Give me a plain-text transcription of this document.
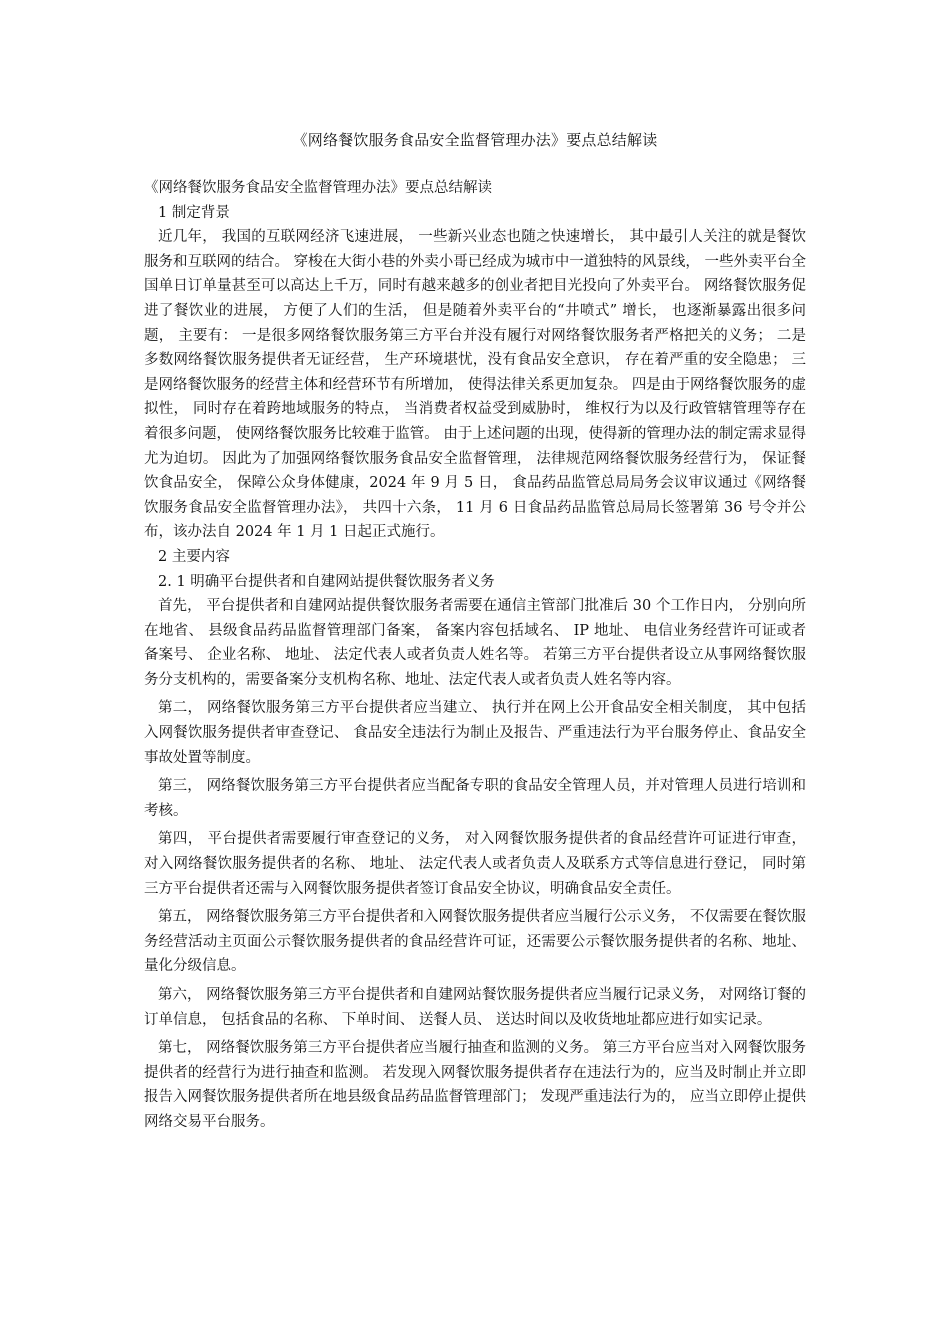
《网络餐饮服务食品安全监督管理办法》要点总结解读

《网络餐饮服务食品安全监督管理办法》要点总结解读

1 制定背景

近几年， 我国的互联网经济飞速进展， 一些新兴业态也随之快速增长， 其中最引人关注的就是餐饮服务和互联网的结合。 穿梭在大街小巷的外卖小哥已经成为城市中一道独特的风景线， 一些外卖平台全国单日订单量甚至可以高达上千万，同时有越来越多的创业者把目光投向了外卖平台。 网络餐饮服务促进了餐饮业的进展， 方便了人们的生活， 但是随着外卖平台的“井喷式” 增长， 也逐渐暴露出很多问题， 主要有： 一是很多网络餐饮服务第三方平台并没有履行对网络餐饮服务者严格把关的义务； 二是多数网络餐饮服务提供者无证经营， 生产环境堪忧，没有食品安全意识， 存在着严重的安全隐患； 三是网络餐饮服务的经营主体和经营环节有所增加， 使得法律关系更加复杂。 四是由于网络餐饮服务的虚拟性， 同时存在着跨地域服务的特点， 当消费者权益受到威胁时， 维权行为以及行政管辖管理等存在着很多问题， 使网络餐饮服务比较难于监管。 由于上述问题的出现，使得新的管理办法的制定需求显得尤为迫切。 因此为了加强网络餐饮服务食品安全监督管理， 法律规范网络餐饮服务经营行为， 保证餐饮食品安全， 保障公众身体健康，2024 年 9 月 5 日， 食品药品监管总局局务会议审议通过《网络餐饮服务食品安全监督管理办法》， 共四十六条， 11 月 6 日食品药品监管总局局长签署第 36 号令并公布，该办法自 2024 年 1 月 1 日起正式施行。

2 主要内容

2. 1 明确平台提供者和自建网站提供餐饮服务者义务

首先， 平台提供者和自建网站提供餐饮服务者需要在通信主管部门批准后 30 个工作日内， 分别向所在地省、 县级食品药品监督管理部门备案， 备案内容包括域名、 IP 地址、 电信业务经营许可证或者备案号、 企业名称、 地址、 法定代表人或者负责人姓名等。 若第三方平台提供者设立从事网络餐饮服务分支机构的，需要备案分支机构名称、地址、法定代表人或者负责人姓名等内容。

第二， 网络餐饮服务第三方平台提供者应当建立、 执行并在网上公开食品安全相关制度， 其中包括入网餐饮服务提供者审查登记、 食品安全违法行为制止及报告、严重违法行为平台服务停止、食品安全事故处置等制度。

第三， 网络餐饮服务第三方平台提供者应当配备专职的食品安全管理人员，并对管理人员进行培训和考核。

第四， 平台提供者需要履行审查登记的义务， 对入网餐饮服务提供者的食品经营许可证进行审查， 对入网络餐饮服务提供者的名称、 地址、 法定代表人或者负责人及联系方式等信息进行登记， 同时第三方平台提供者还需与入网餐饮服务提供者签订食品安全协议，明确食品安全责任。

第五， 网络餐饮服务第三方平台提供者和入网餐饮服务提供者应当履行公示义务， 不仅需要在餐饮服务经营活动主页面公示餐饮服务提供者的食品经营许可证，还需要公示餐饮服务提供者的名称、地址、量化分级信息。

第六， 网络餐饮服务第三方平台提供者和自建网站餐饮服务提供者应当履行记录义务， 对网络订餐的订单信息， 包括食品的名称、 下单时间、 送餐人员、 送达时间以及收货地址都应进行如实记录。

第七， 网络餐饮服务第三方平台提供者应当履行抽查和监测的义务。 第三方平台应当对入网餐饮服务提供者的经营行为进行抽查和监测。 若发现入网餐饮服务提供者存在违法行为的，应当及时制止并立即报告入网餐饮服务提供者所在地县级食品药品监督管理部门； 发现严重违法行为的， 应当立即停止提供网络交易平台服务。
